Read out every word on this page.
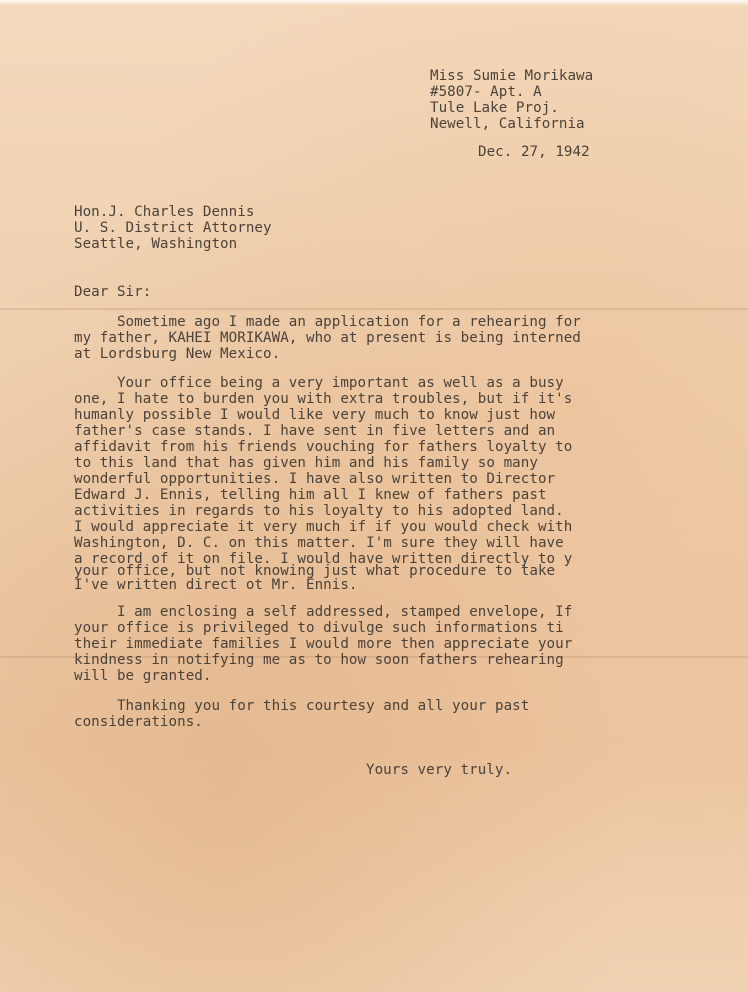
Miss Sumie Morikawa
#5807- Apt. A
Tule Lake Proj.
Newell, California
Dec. 27, 1942
Hon.J. Charles Dennis
U. S. District Attorney
Seattle, Washington
Dear Sir:
Sometime ago I made an application for a rehearing for
my father, KAHEI MORIKAWA, who at present is being interned
at Lordsburg New Mexico.
Your office being a very important as well as a busy
one, I hate to burden you with extra troubles, but if it's
humanly possible I would like very much to know just how
father's case stands. I have sent in five letters and an
affidavit from his friends vouching for fathers loyalty to
to this land that has given him and his family so many
wonderful opportunities. I have also written to Director
Edward J. Ennis, telling him all I knew of fathers past
activities in regards to his loyalty to his adopted land.
I would appreciate it very much if if you would check with
Washington, D. C. on this matter. I'm sure they will have
a record of it on file. I would have written directly to y
your office, but not knowing just what procedure to take
I've written direct ot Mr. Ennis.
I am enclosing a self addressed, stamped envelope, If
your office is privileged to divulge such informations ti
their immediate families I would more then appreciate your
kindness in notifying me as to how soon fathers rehearing
will be granted.
Thanking you for this courtesy and all your past
considerations.
Yours very truly.
